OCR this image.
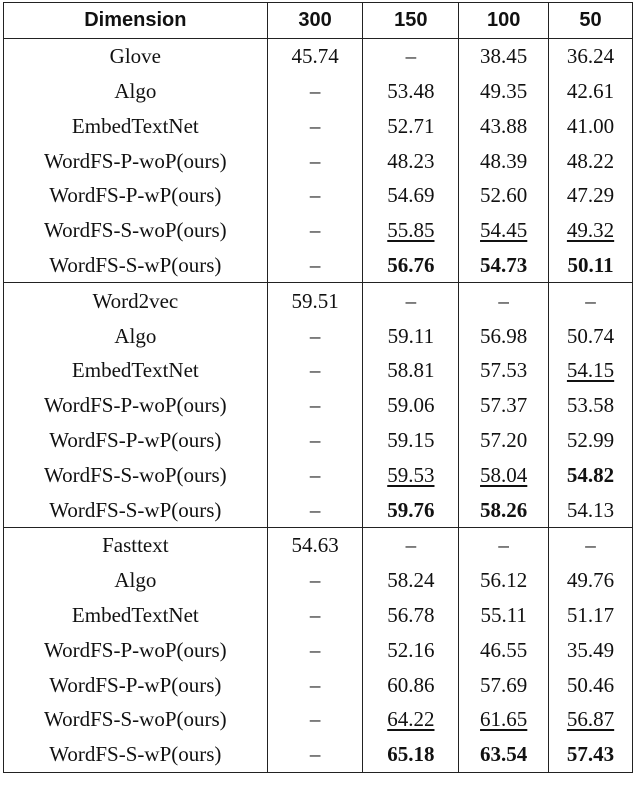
Dimension	300	150	100	50
Glove	45.74	–	38.45	36.24
Algo	–	53.48	49.35	42.61
EmbedTextNet	–	52.71	43.88	41.00
WordFS-P-woP(ours)	–	48.23	48.39	48.22
WordFS-P-wP(ours)	–	54.69	52.60	47.29
WordFS-S-woP(ours)	–	55.85	54.45	49.32
WordFS-S-wP(ours)	–	56.76	54.73	50.11
Word2vec	59.51	–	–	–
Algo	–	59.11	56.98	50.74
EmbedTextNet	–	58.81	57.53	54.15
WordFS-P-woP(ours)	–	59.06	57.37	53.58
WordFS-P-wP(ours)	–	59.15	57.20	52.99
WordFS-S-woP(ours)	–	59.53	58.04	54.82
WordFS-S-wP(ours)	–	59.76	58.26	54.13
Fasttext	54.63	–	–	–
Algo	–	58.24	56.12	49.76
EmbedTextNet	–	56.78	55.11	51.17
WordFS-P-woP(ours)	–	52.16	46.55	35.49
WordFS-P-wP(ours)	–	60.86	57.69	50.46
WordFS-S-woP(ours)	–	64.22	61.65	56.87
WordFS-S-wP(ours)	–	65.18	63.54	57.43
